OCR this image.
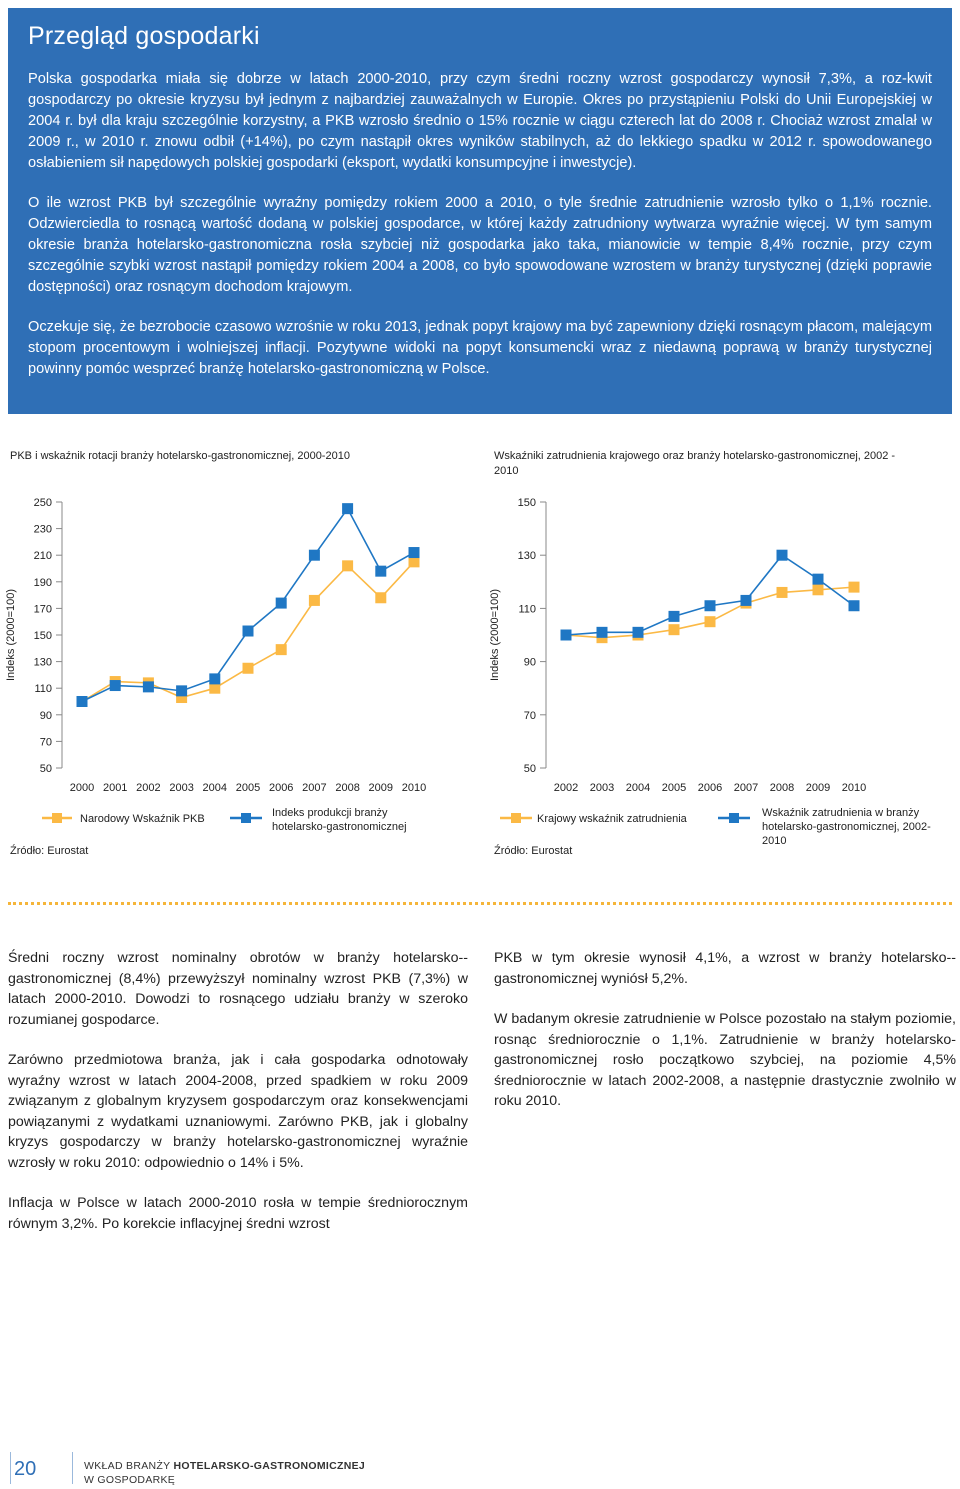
Przegląd gospodarki

Polska gospodarka miała się dobrze w latach 2000-2010, przy czym średni roczny wzrost gospodarczy wynosił 7,3%, a roz-kwit gospodarczy po okresie kryzysu był jednym z najbardziej zauważalnych w Europie. Okres po przystąpieniu Polski do Unii Europejskiej w 2004 r. był dla kraju szczególnie korzystny, a PKB wzrosło średnio o 15% rocznie w ciągu czterech lat do 2008 r. Chociaż wzrost zmalał w 2009 r., w 2010 r. znowu odbił (+14%), po czym nastąpił okres wyników stabilnych, aż do lekkiego spadku w 2012 r. spowodowanego osłabieniem sił napędowych polskiej gospodarki (eksport, wydatki konsumpcyjne i inwestycje).

O ile wzrost PKB był szczególnie wyraźny pomiędzy rokiem 2000 a 2010, o tyle średnie zatrudnienie wzrosło tylko o 1,1% rocznie. Odzwierciedla to rosnącą wartość dodaną w polskiej gospodarce, w której każdy zatrudniony wytwarza wyraźnie więcej. W tym samym okresie branża hotelarsko-gastronomiczna rosła szybciej niż gospodarka jako taka, mianowicie w tempie 8,4% rocznie, przy czym szczególnie szybki wzrost nastąpił pomiędzy rokiem 2004 a 2008, co było spowodowane wzrostem w branży turystycznej (dzięki poprawie dostępności) oraz rosnącym dochodom krajowym.

Oczekuje się, że bezrobocie czasowo wzrośnie w roku 2013, jednak popyt krajowy ma być zapewniony dzięki rosnącym płacom, malejącym stopom procentowym i wolniejszej inflacji. Pozytywne widoki na popyt konsumencki wraz z niedawną poprawą w branży turystycznej powinny pomóc wesprzeć branżę hotelarsko-gastronomiczną w Polsce.

PKB i wskaźnik rotacji branży hotelarsko-gastronomicznej, 2000-2010
50
70
90
110
130
150
170
190
210
230
250
Indeks (2000=100)
2000 2001 2002 2003 2004 2005 2006 2007 2008 2009 2010
Narodowy Wskaźnik PKB	Indeks produkcji branży hotelarsko-gastronomicznej
Źródło: Eurostat
Wskaźniki zatrudnienia krajowego oraz branży hotelarsko-gastronomicznej, 2002 - 2010
50
70
90
110
130
150
Indeks (2000=100)
2002 2003 2004 2005 2006 2007 2008 2009 2010
Krajowy wskaźnik zatrudnienia	Wskaźnik zatrudnienia w branży hotelarsko-gastronomicznej, 2002-2010
Źródło: Eurostat

Średni roczny wzrost nominalny obrotów w branży hotelarsko--gastronomicznej (8,4%) przewyższył nominalny wzrost PKB (7,3%) w latach 2000-2010. Dowodzi to rosnącego udziału branży w szeroko rozumianej gospodarce.

Zarówno przedmiotowa branża, jak i cała gospodarka odnotowały wyraźny wzrost w latach 2004-2008, przed spadkiem w roku 2009 związanym z globalnym kryzysem gospodarczym oraz konsekwencjami powiązanymi z wydatkami uznaniowymi. Zarówno PKB, jak i globalny kryzys gospodarczy w branży hotelarsko-gastronomicznej wyraźnie wzrosły w roku 2010: odpowiednio o 14% i 5%.

Inflacja w Polsce w latach 2000-2010 rosła w tempie średniorocznym równym 3,2%. Po korekcie inflacyjnej średni wzrost

PKB w tym okresie wynosił 4,1%, a wzrost w branży hotelarsko--gastronomicznej wyniósł 5,2%.

W badanym okresie zatrudnienie w Polsce pozostało na stałym poziomie, rosnąc średniorocznie o 1,1%. Zatrudnienie w branży hotelarsko-gastronomicznej rosło początkowo szybciej, na poziomie 4,5% średniorocznie w latach 2002-2008, a następnie drastycznie zwolniło w roku 2010.

20	WKŁAD BRANŻY HOTELARSKO-GASTRONOMICZNEJ
W GOSPODARKĘ
